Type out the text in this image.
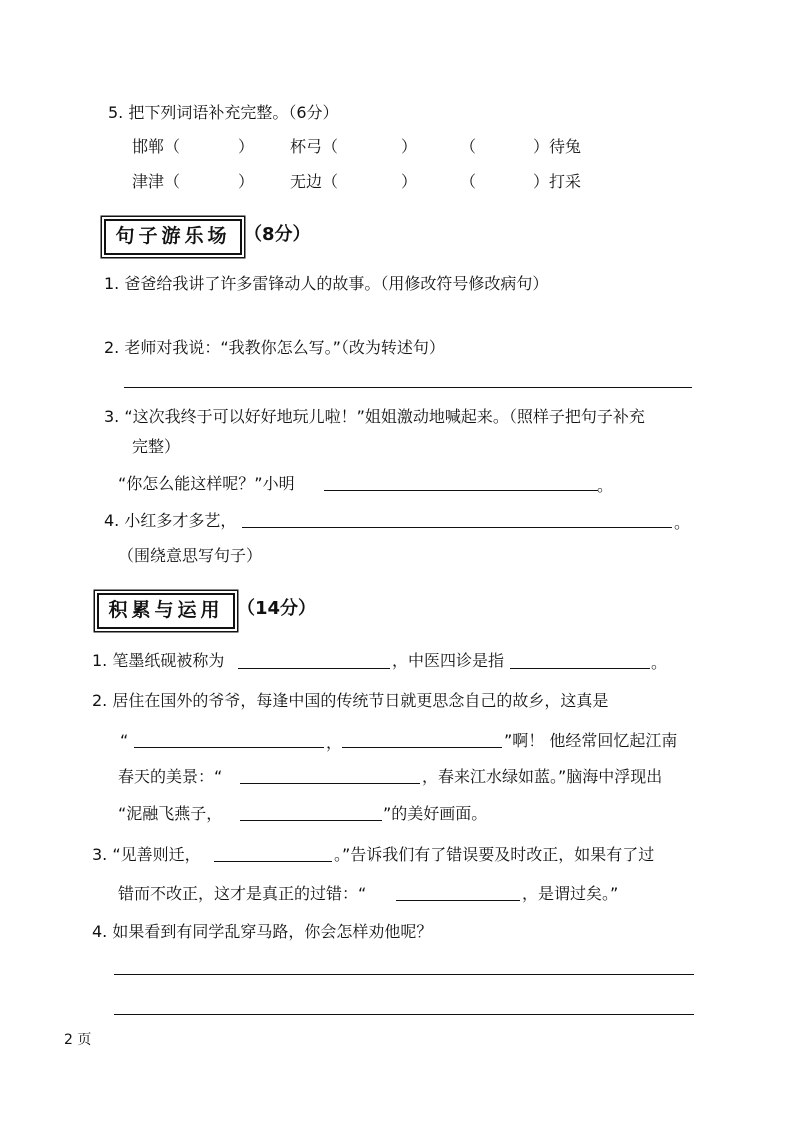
5. 把下列词语补充完整。（6分）
邯郸（	） 杯弓（	）	（	）待兔
津津（	） 无边（	）	（	）打采
句子游乐场 （8分）
1. 爸爸给我讲了许多雷锋动人的故事。（用修改符号修改病句）
2. 老师对我说：“我教你怎么写。”（改为转述句）
3. “这次我终于可以好好地玩儿啦！”姐姐激动地喊起来。（照样子把句子补充
完整）
“你怎么能这样呢？”小明	。
4. 小红多才多艺，	。
（围绕意思写句子）
积累与运用 （14分）
1. 笔墨纸砚被称为	，中医四诊是指	。
2. 居住在国外的爷爷，每逢中国的传统节日就更思念自己的故乡，这真是
“	，	”啊！ 他经常回忆起江南
春天的美景：“	，春来江水绿如蓝。”脑海中浮现出
“泥融飞燕子，	”的美好画面。
3. “见善则迁，	。”告诉我们有了错误要及时改正，如果有了过
错而不改正，这才是真正的过错：“	，是谓过矣。”
4. 如果看到有同学乱穿马路，你会怎样劝他呢？
2 页
